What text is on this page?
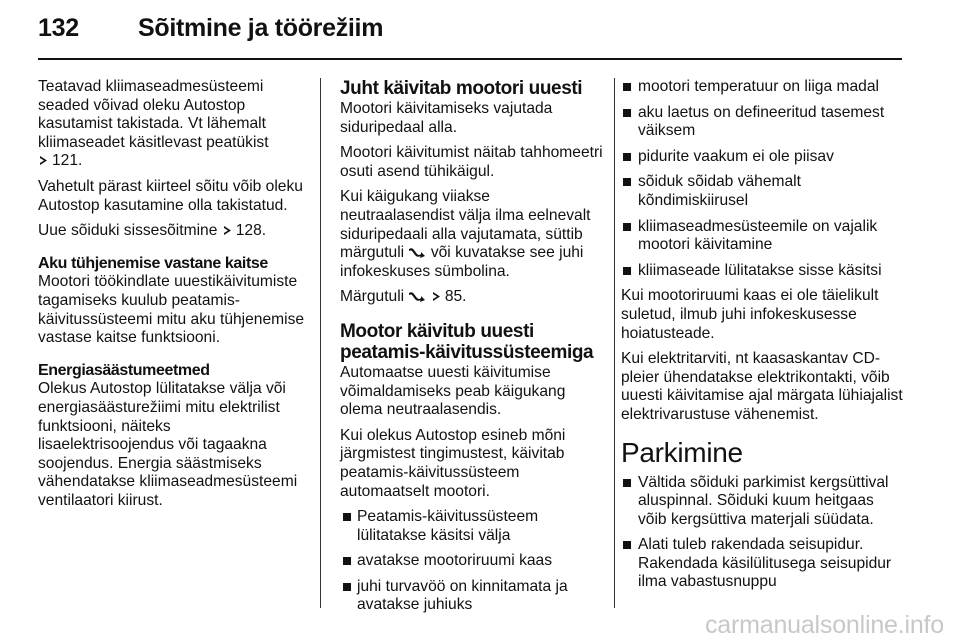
132 Sõitmine ja töörežiim

Teatavad kliimaseadmesüsteemi seaded võivad oleku Autostop kasutamist takistada. Vt lähemalt kliimaseadet käsitlevast peatükist
121.

Vahetult pärast kiirteel sõitu võib oleku Autostop kasutamine olla takistatud.

Uue sõiduki sissesõitmine 128.

Aku tühjenemise vastane kaitse

Mootori töökindlate uuestikäivitumiste tagamiseks kuulub peatamis-käivitussüsteemi mitu aku tühjenemise vastase kaitse funktsiooni.

Energiasäästumeetmed

Olekus Autostop lülitatakse välja või energiasäästurežiimi mitu elektrilist funktsiooni, näiteks lisaelektrisoojendus või tagaakna soojendus. Energia säästmiseks vähendatakse kliimaseadmesüsteemi ventilaatori kiirust.

Juht käivitab mootori uuesti

Mootori käivitamiseks vajutada siduripedaal alla.

Mootori käivitumist näitab tahhomeetri osuti asend tühikäigul.

Kui käigukang viiakse neutraalasendist välja ilma eelnevalt siduripedaali alla vajutamata, süttib märgutuli või kuvatakse see juhi infokeskuses sümbolina.

Märgutuli	85.

Mootor käivitub uuesti peatamis-käivitussüsteemiga

Automaatse uuesti käivitumise võimaldamiseks peab käigukang olema neutraalasendis.

Kui olekus Autostop esineb mõni järgmistest tingimustest, käivitab peatamis-käivitussüsteem automaatselt mootori.

Peatamis-käivitussüsteem lülitatakse käsitsi välja
avatakse mootoriruumi kaas
juhi turvavöö on kinnitamata ja avatakse juhiuks
mootori temperatuur on liiga madal
aku laetus on defineeritud tasemest väiksem
pidurite vaakum ei ole piisav
sõiduk sõidab vähemalt kõndimiskiirusel
kliimaseadmesüsteemile on vajalik mootori käivitamine
kliimaseade lülitatakse sisse käsitsi

Kui mootoriruumi kaas ei ole täielikult suletud, ilmub juhi infokeskusesse hoiatusteade.

Kui elektritarviti, nt kaasaskantav CD-pleier ühendatakse elektrikontakti, võib uuesti käivitamise ajal märgata lühiajalist elektrivarustuse vähenemist.

Parkimine
Vältida sõiduki parkimist kergsüttival aluspinnal. Sõiduki kuum heitgaas võib kergsüttiva materjali süüdata.
Alati tuleb rakendada seisupidur. Rakendada käsilülitusega seisupidur ilma vabastusnuppu
carmanualsonline.info
